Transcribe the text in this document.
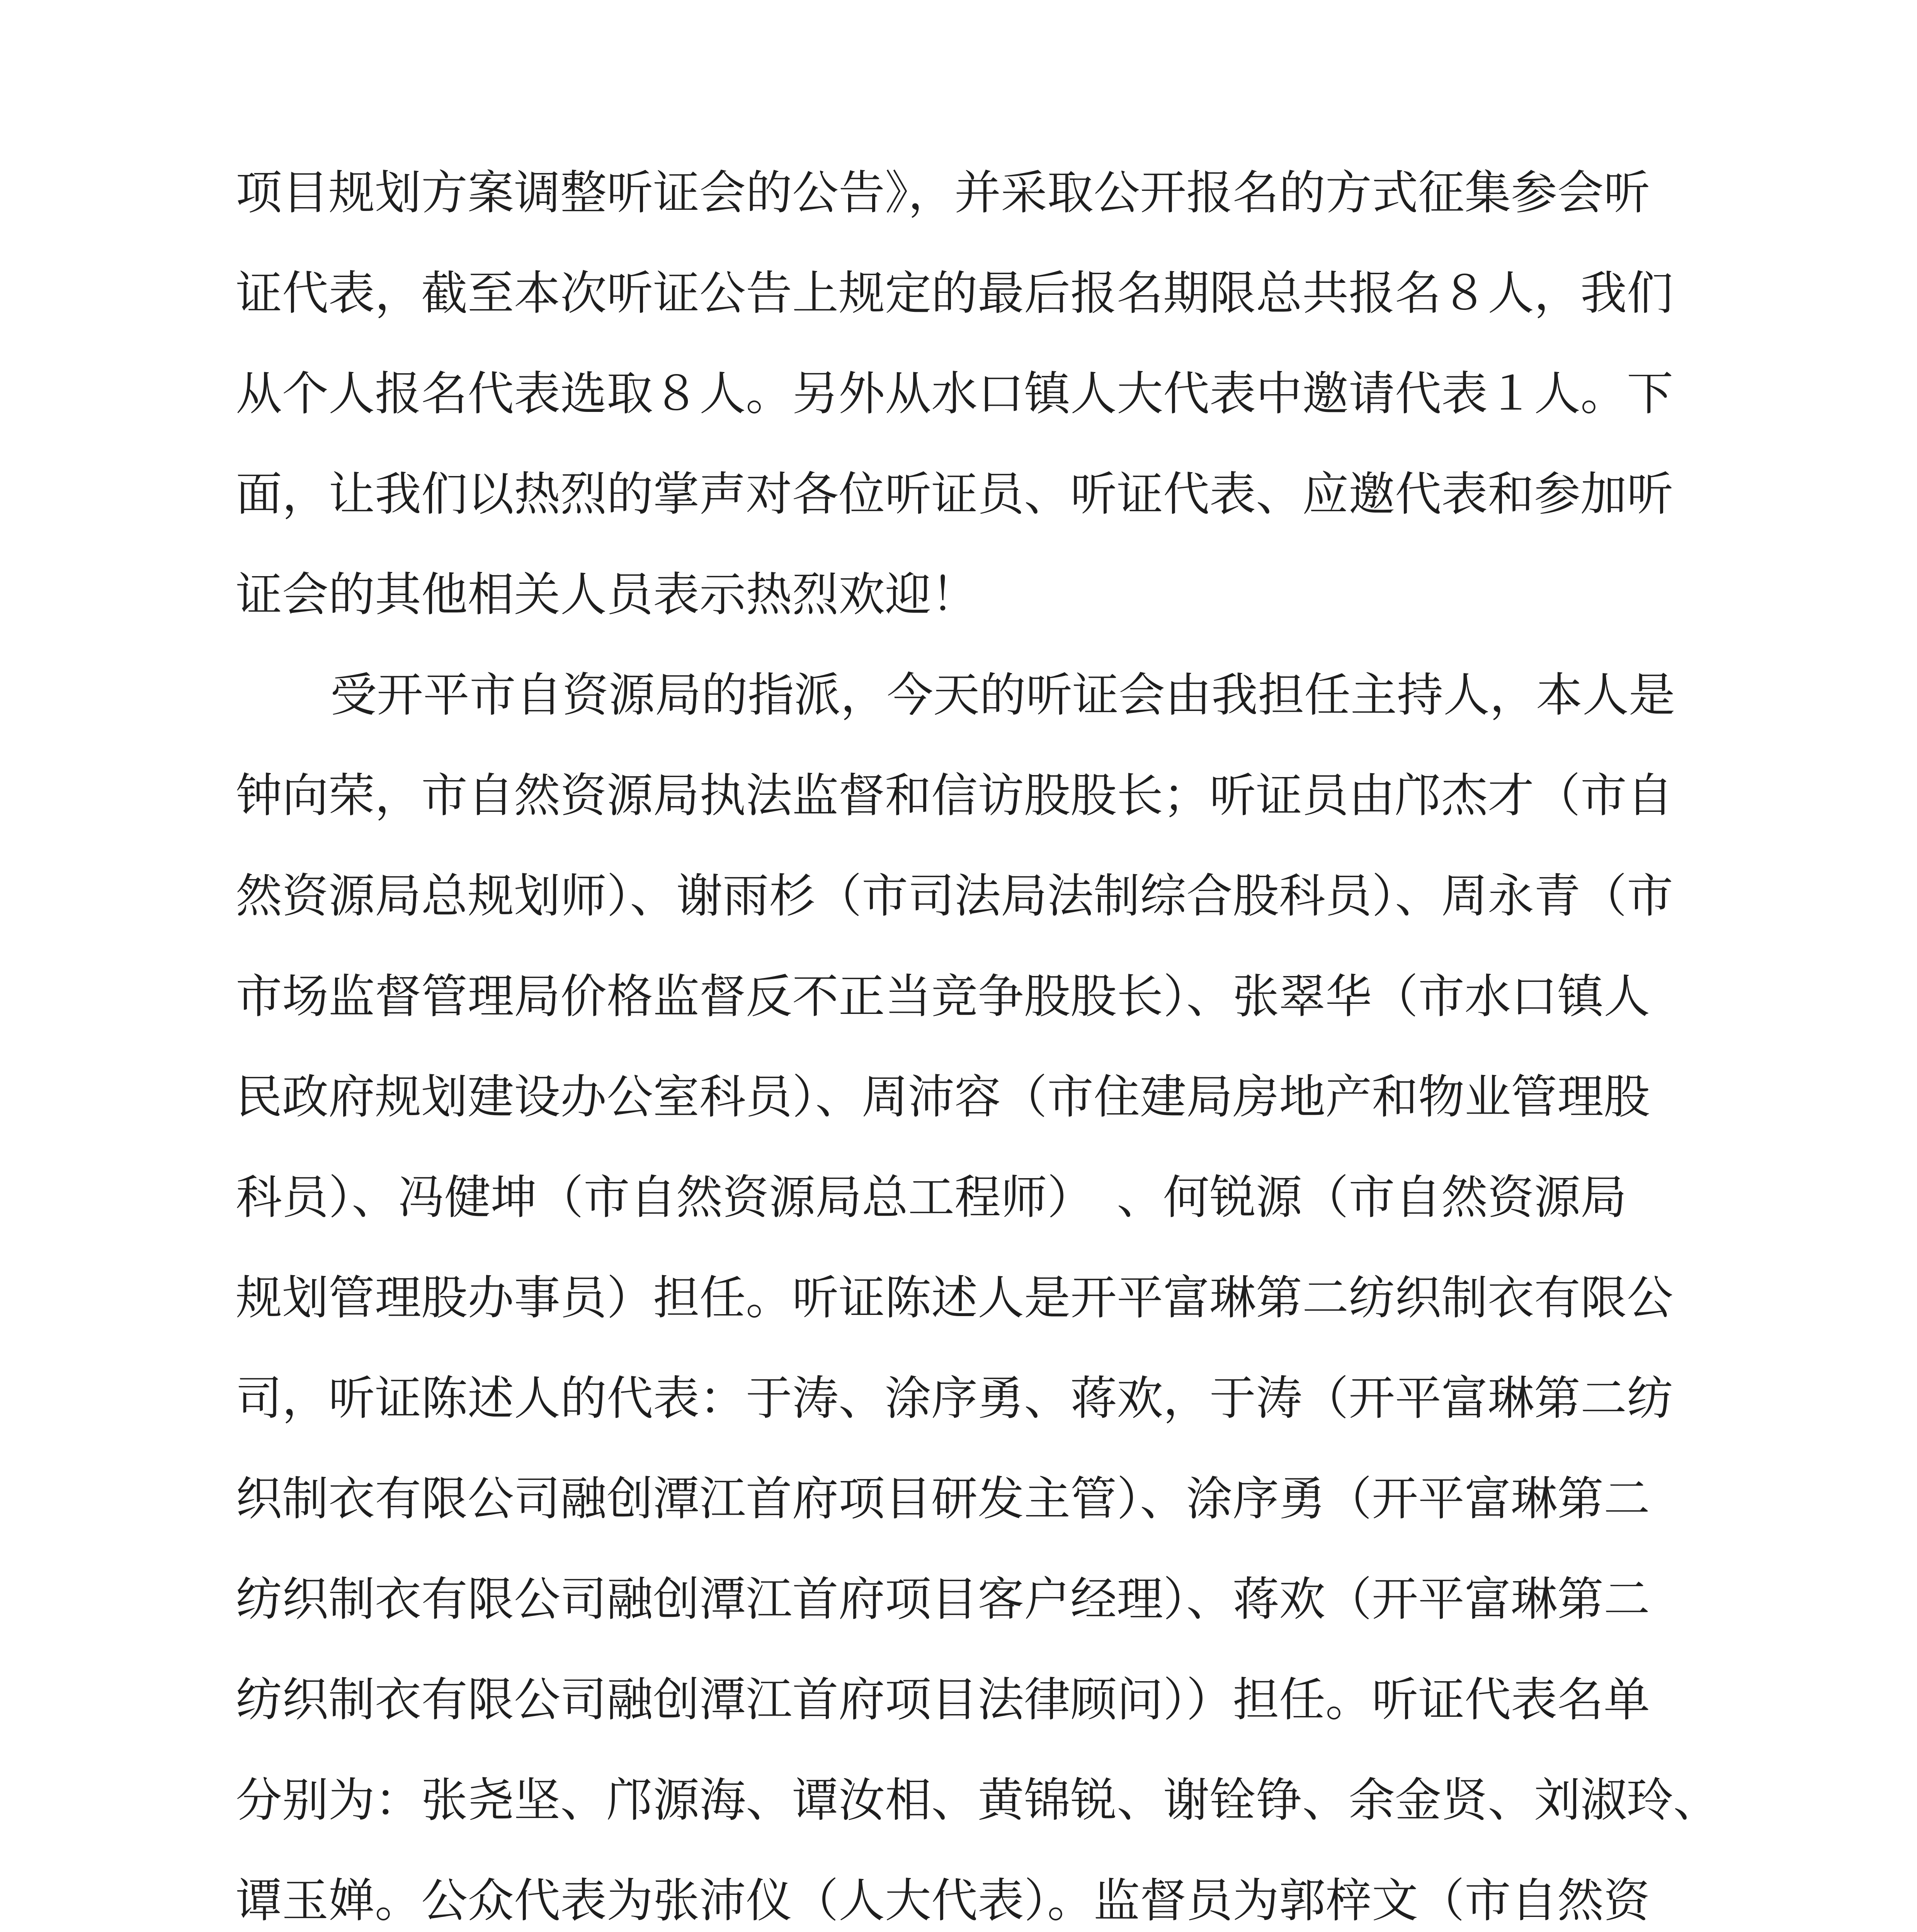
项目规划方案调整听证会的公告》，并采取公开报名的方式征集参会听

证代表，截至本次听证公告上规定的最后报名期限总共报名８人，我们

从个人报名代表选取８人。另外从水口镇人大代表中邀请代表１人。下

面，让我们以热烈的掌声对各位听证员、听证代表、应邀代表和参加听

证会的其他相关人员表示热烈欢迎！

受开平市自资源局的指派，今天的听证会由我担任主持人，本人是

钟向荣，市自然资源局执法监督和信访股股长；听证员由邝杰才（市自

然资源局总规划师）、谢雨杉（市司法局法制综合股科员）、周永青（市

市场监督管理局价格监督反不正当竞争股股长）、张翠华（市水口镇人

民政府规划建设办公室科员）、周沛容（市住建局房地产和物业管理股

科员）、冯健坤（市自然资源局总工程师）　、何锐源（市自然资源局

规划管理股办事员）担任。听证陈述人是开平富琳第二纺织制衣有限公

司，听证陈述人的代表：于涛、涂序勇、蒋欢，于涛（开平富琳第二纺

织制衣有限公司融创潭江首府项目研发主管）、涂序勇（开平富琳第二

纺织制衣有限公司融创潭江首府项目客户经理）、蒋欢（开平富琳第二

纺织制衣有限公司融创潭江首府项目法律顾问））担任。听证代表名单

分别为：张尧坚、邝源海、谭汝相、黄锦锐、谢铨铮、余金贤、刘淑玲、

谭玉婵。公众代表为张沛仪（人大代表）。监督员为郭梓文（市自然资
